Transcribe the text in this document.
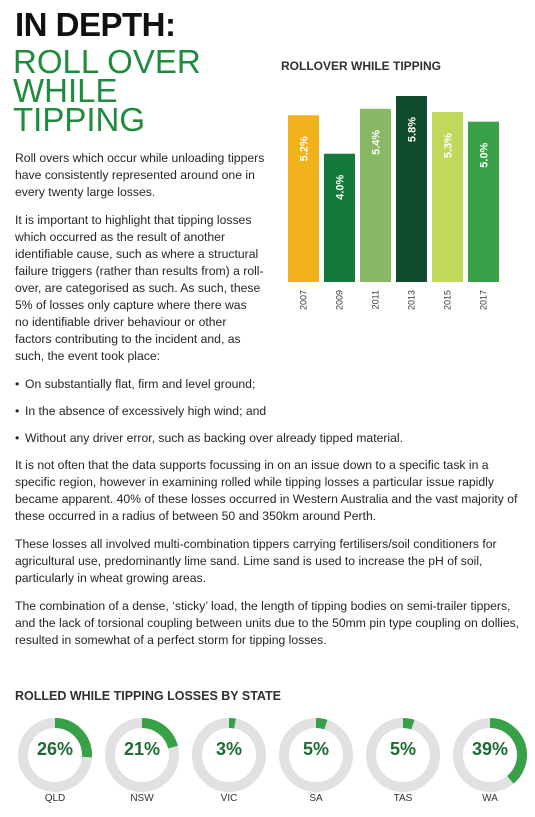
IN DEPTH:
ROLL OVER
WHILE
TIPPING
ROLLOVER WHILE TIPPING
5.2%
2007
4.0%
2009
5.4%
2011
5.8%
2013
5.3%
2015
5.0%
2017

Roll overs which occur while unloading tippers have consistently represented around one in every twenty large losses.

It is important to highlight that tipping losses which occurred as the result of another identifiable cause, such as where a structural failure triggers (rather than results from) a roll-over, are categorised as such. As such, these 5% of losses only capture where there was
no identifiable driver behaviour or other factors contributing to the incident and, as such, the event took place:

• On substantially flat, firm and level ground;
• In the absence of excessively high wind; and
• Without any driver error, such as backing over already tipped material.

It is not often that the data supports focussing in on an issue down to a specific task in a specific region, however in examining rolled while tipping losses a particular issue rapidly became apparent. 40% of these losses occurred in Western Australia and the vast majority of these occurred in a radius of between 50 and 350km around Perth.

These losses all involved multi-combination tippers carrying fertilisers/soil conditioners for agricultural use, predominantly lime sand. Lime sand is used to increase the pH of soil, particularly in wheat growing areas.

The combination of a dense, ‘sticky’ load, the length of tipping bodies on semi-trailer tippers, and the lack of torsional coupling between units due to the 50mm pin type coupling on dollies, resulted in somewhat of a perfect storm for tipping losses.

ROLLED WHILE TIPPING LOSSES BY STATE
26%
QLD
21%
NSW
3%
VIC
5%
SA
5%
TAS
39%
WA
